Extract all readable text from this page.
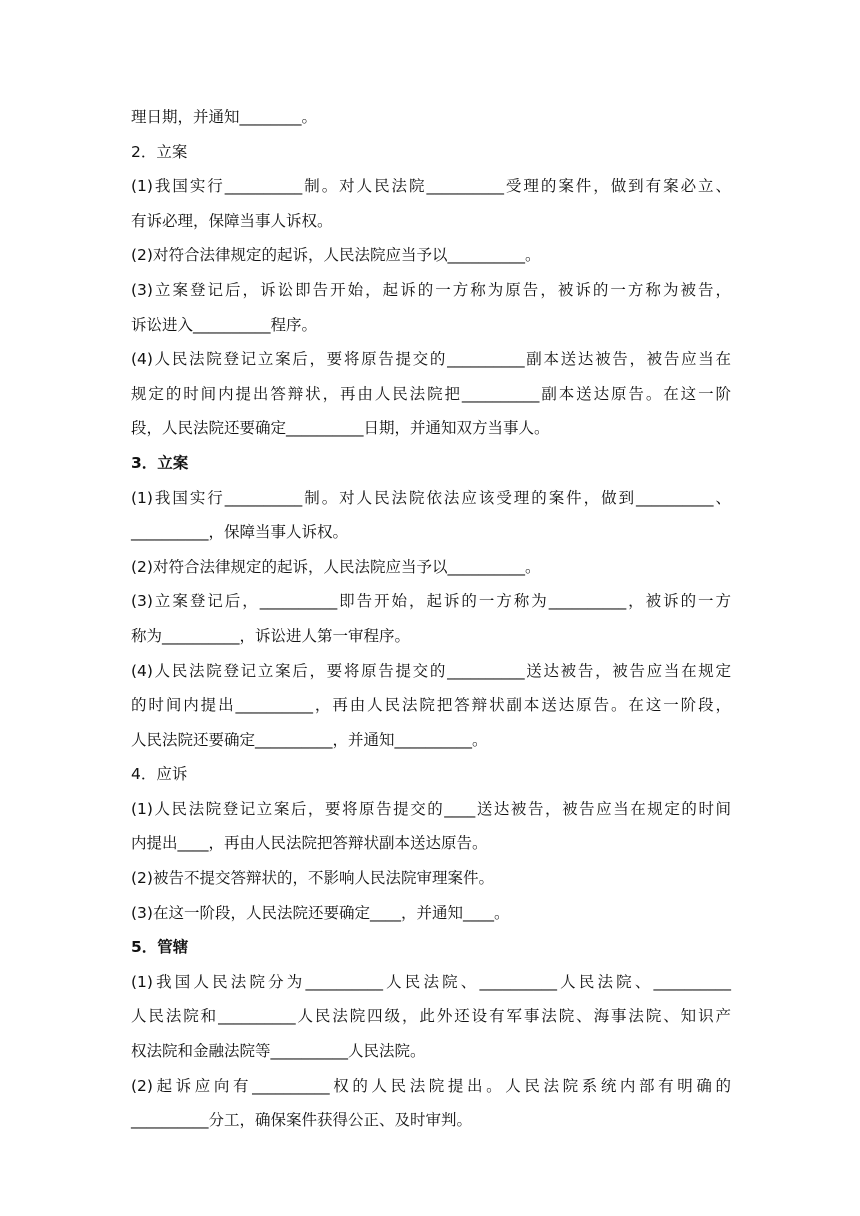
理日期，并通知________。
2．立案
(1)我国实行__________制。对人民法院__________受理的案件，做到有案必立、
有诉必理，保障当事人诉权。
(2)对符合法律规定的起诉，人民法院应当予以__________。
(3)立案登记后，诉讼即告开始，起诉的一方称为原告，被诉的一方称为被告，
诉讼进入__________程序。
(4)人民法院登记立案后，要将原告提交的__________副本送达被告，被告应当在
规定的时间内提出答辩状，再由人民法院把__________副本送达原告。在这一阶
段，人民法院还要确定__________日期，并通知双方当事人。
3．立案
(1)我国实行__________制。对人民法院依法应该受理的案件，做到__________、
__________，保障当事人诉权。
(2)对符合法律规定的起诉，人民法院应当予以__________。
(3)立案登记后，__________即告开始，起诉的一方称为__________，被诉的一方
称为__________，诉讼进人第一审程序。
(4)人民法院登记立案后，要将原告提交的__________送达被告，被告应当在规定
的时间内提出__________，再由人民法院把答辩状副本送达原告。在这一阶段，
人民法院还要确定__________，并通知__________。
4．应诉
(1)人民法院登记立案后，要将原告提交的____送达被告，被告应当在规定的时间
内提出____，再由人民法院把答辩状副本送达原告。
(2)被告不提交答辩状的，不影响人民法院审理案件。
(3)在这一阶段，人民法院还要确定____，并通知____。
5．管辖
(1)我国人民法院分为__________人民法院、__________人民法院、__________
人民法院和__________人民法院四级，此外还设有军事法院、海事法院、知识产
权法院和金融法院等__________人民法院。
(2)起诉应向有__________权的人民法院提出。人民法院系统内部有明确的
__________分工，确保案件获得公正、及时审判。
